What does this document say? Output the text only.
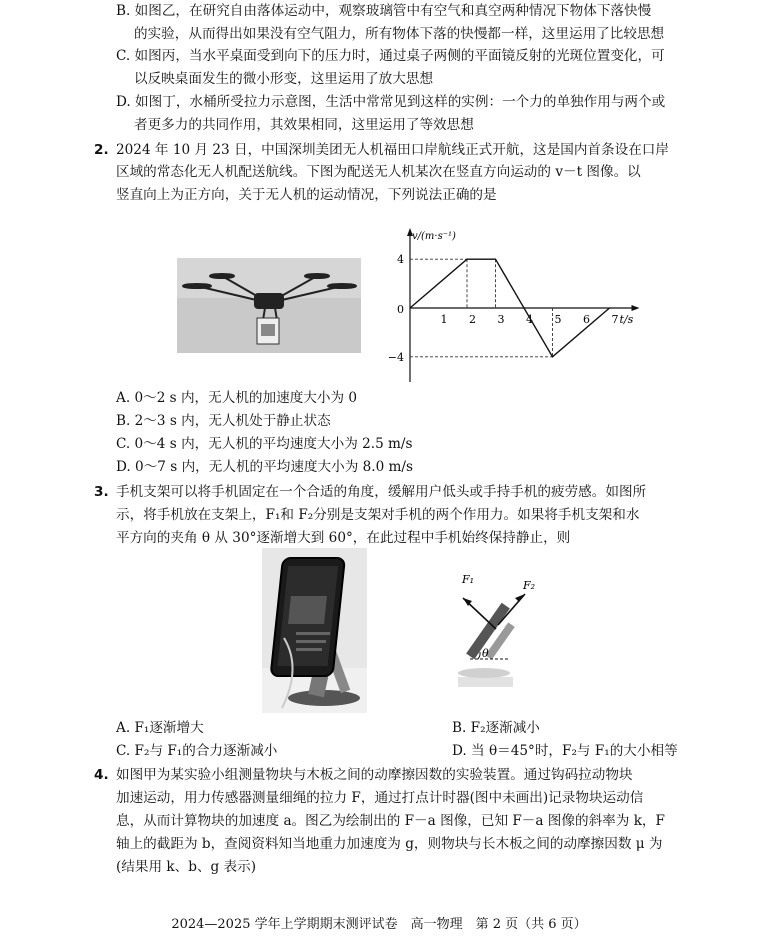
B. 如图乙，在研究自由落体运动中，观察玻璃管中有空气和真空两种情况下物体下落快慢
的实验，从而得出如果没有空气阻力，所有物体下落的快慢都一样，这里运用了比较思想
C. 如图丙，当水平桌面受到向下的压力时，通过桌子两侧的平面镜反射的光斑位置变化，可
以反映桌面发生的微小形变，这里运用了放大思想
D. 如图丁，水桶所受拉力示意图，生活中常常见到这样的实例：一个力的单独作用与两个或
者更多力的共同作用，其效果相同，这里运用了等效思想
2. 2024 年 10 月 23 日，中国深圳美团无人机福田口岸航线正式开航，这是国内首条设在口岸
区域的常态化无人机配送航线。下图为配送无人机某次在竖直方向运动的 v－t 图像。以
竖直向上为正方向，关于无人机的运动情况，下列说法正确的是
1 2 3 4 5 6 7
4
0
−4
v/(m·s⁻¹)
t/s
A. 0～2 s 内，无人机的加速度大小为 0
B. 2～3 s 内，无人机处于静止状态
C. 0～4 s 内，无人机的平均速度大小为 2.5 m/s
D. 0～7 s 内，无人机的平均速度大小为 8.0 m/s
3. 手机支架可以将手机固定在一个合适的角度，缓解用户低头或手持手机的疲劳感。如图所
示，将手机放在支架上，F₁和 F₂分别是支架对手机的两个作用力。如果将手机支架和水
平方向的夹角 θ 从 30°逐渐增大到 60°，在此过程中手机始终保持静止，则
F₁	F₂
θ
A. F₁逐渐增大	B. F₂逐渐减小
C. F₂与 F₁的合力逐渐减小	D. 当 θ＝45°时，F₂与 F₁的大小相等
4. 如图甲为某实验小组测量物块与木板之间的动摩擦因数的实验装置。通过钩码拉动物块
加速运动，用力传感器测量细绳的拉力 F，通过打点计时器(图中未画出)记录物块运动信
息，从而计算物块的加速度 a。图乙为绘制出的 F－a 图像，已知 F－a 图像的斜率为 k，F
轴上的截距为 b，查阅资料知当地重力加速度为 g，则物块与长木板之间的动摩擦因数 μ 为
(结果用 k、b、g 表示)
2024—2025 学年上学期期末测评试卷　高一物理　第 2 页（共 6 页）
